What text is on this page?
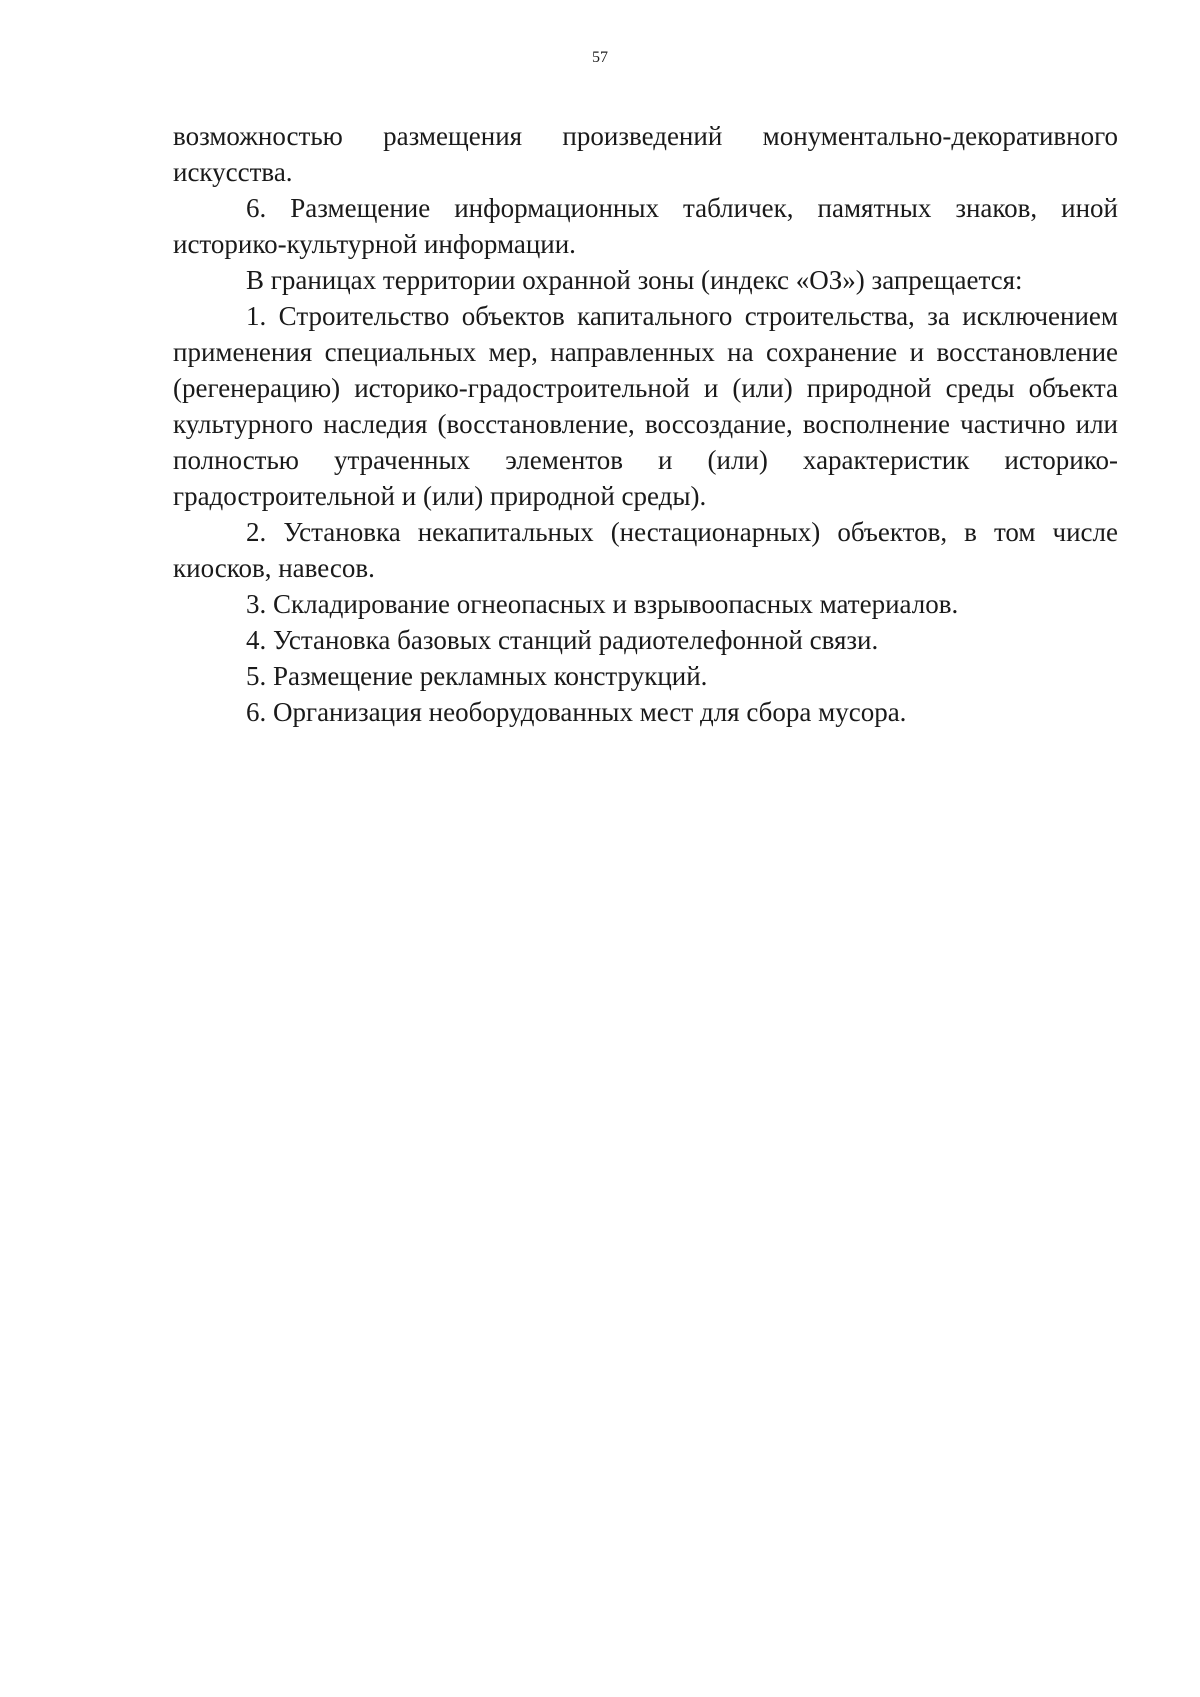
57

возможностью размещения произведений монументально-декоративного искусства.

6. Размещение информационных табличек, памятных знаков, иной историко-культурной информации.

В границах территории охранной зоны (индекс «ОЗ») запрещается:

1. Строительство объектов капитального строительства, за исключением применения специальных мер, направленных на сохранение и восстановление (регенерацию) историко-градостроительной и (или) природной среды объекта культурного наследия (восстановление, воссоздание, восполнение частично или полностью утраченных элементов и (или) характеристик историко-градостроительной и (или) природной среды).

2. Установка некапитальных (нестационарных) объектов, в том числе киосков, навесов.

3. Складирование огнеопасных и взрывоопасных материалов.

4. Установка базовых станций радиотелефонной связи.

5. Размещение рекламных конструкций.

6. Организация необорудованных мест для сбора мусора.
